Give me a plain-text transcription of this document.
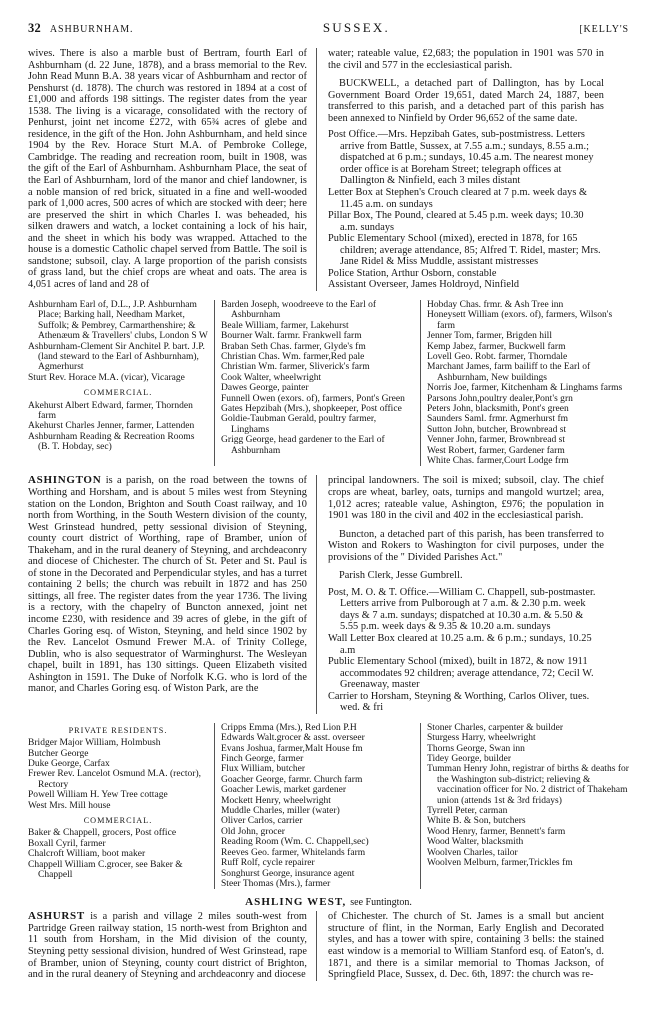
32 ASHBURNHAM.	SUSSEX.	[KELLY'S

wives. There is also a marble bust of Bertram, fourth Earl of Ashburnham (d. 22 June, 1878), and a brass memorial to the Rev. John Read Munn B.A. 38 years vicar of Ashburnham and rector of Penshurst (d. 1878). The church was restored in 1894 at a cost of £1,000 and affords 198 sittings. The register dates from the year 1538. The living is a vicarage, consolidated with the rectory of Penhurst, joint net income £272, with 65¾ acres of glebe and residence, in the gift of the Hon. John Ashburnham, and held since 1904 by the Rev. Horace Sturt M.A. of Pembroke College, Cambridge. The reading and recreation room, built in 1908, was the gift of the Earl of Ashburnham. Ashburnham Place, the seat of the Earl of Ashburnham, lord of the manor and chief landowner, is a noble mansion of red brick, situated in a fine and well-wooded park of 1,000 acres, 500 acres of which are stocked with deer; here are preserved the shirt in which Charles I. was beheaded, his silken drawers and watch, a locket containing a lock of his hair, and the sheet in which his body was wrapped. Attached to the house is a domestic Catholic chapel served from Battle. The soil is sandstone; subsoil, clay. A large proportion of the parish consists of grass land, but the chief crops are wheat and oats. The area is 4,051 acres of land and 28 of

water; rateable value, £2,683; the population in 1901 was 570 in the civil and 577 in the ecclesiastical parish.

BUCKWELL, a detached part of Dallington, has by Local Government Board Order 19,651, dated March 24, 1887, been transferred to this parish, and a detached part of this parish has been annexed to Ninfield by Order 96,652 of the same date.

Post Office.—Mrs. Hepzibah Gates, sub-postmistress. Letters arrive from Battle, Sussex, at 7.55 a.m.; sundays, 8.55 a.m.; dispatched at 6 p.m.; sundays, 10.45 a.m. The nearest money order office is at Boreham Street; telegraph offices at Dallington & Ninfield, each 3 miles distant

Letter Box at Stephen's Crouch cleared at 7 p.m. week days & 11.45 a.m. on sundays

Pillar Box, The Pound, cleared at 5.45 p.m. week days; 10.30 a.m. sundays

Public Elementary School (mixed), erected in 1878, for 165 children; average attendance, 85; Alfred T. Ridel, master; Mrs. Jane Ridel & Miss Muddle, assistant mistresses

Police Station, Arthur Osborn, constable

Assistant Overseer, James Holdroyd, Ninfield

Ashburnham Earl of, D.L., J.P. Ashburnham Place; Barking hall, Needham Market, Suffolk; & Pembrey, Carmarthenshire; & Athenæum & Travellers' clubs, London S W

Ashburnham-Clement Sir Anchitel P. bart. J.P. (land steward to the Earl of Ashburnham), Agmerhurst

Sturt Rev. Horace M.A. (vicar), Vicarage

COMMERCIAL.

Akehurst Albert Edward, farmer, Thornden farm

Akehurst Charles Jenner, farmer, Lattenden

Ashburnham Reading & Recreation Rooms (B. T. Hobday, sec)

Barden Joseph, woodreeve to the Earl of Ashburnham

Beale William, farmer, Lakehurst

Bourner Walt. farmr. Frankwell farm

Braban Seth Chas. farmer, Glyde's fm

Christian Chas. Wm. farmer,Red pale

Christian Wm. farmer, Sliverick's farm

Cook Walter, wheelwright

Dawes George, painter

Funnell Owen (exors. of), farmers, Pont's Green

Gates Hepzibah (Mrs.), shopkeeper, Post office

Goldie-Taubman Gerald, poultry farmer, Linghams

Grigg George, head gardener to the Earl of Ashburnham

Hobday Chas. frmr. & Ash Tree inn

Honeysett William (exors. of), farmers, Wilson's farm

Jenner Tom, farmer, Brigden hill

Kemp Jabez, farmer, Buckwell farm

Lovell Geo. Robt. farmer, Thorndale

Marchant James, farm bailiff to the Earl of Ashburnham, New buildings

Norris Joe, farmer, Kitchenham & Linghams farms

Parsons John,poultry dealer,Pont's grn

Peters John, blacksmith, Pont's green

Saunders Saml. frmr. Agmerhurst fm

Sutton John, butcher, Brownbread st

Venner John, farmer, Brownbread st

West Robert, farmer, Gardener farm

White Chas. farmer,Court Lodge frm

ASHINGTON is a parish, on the road between the towns of Worthing and Horsham, and is about 5 miles west from Steyning station on the London, Brighton and South Coast railway, and 10 north from Worthing, in the South Western division of the county, West Grinstead hundred, petty sessional division of Steyning, county court district of Worthing, rape of Bramber, union of Thakeham, and in the rural deanery of Steyning, and archdeaconry and diocese of Chichester. The church of St. Peter and St. Paul is of stone in the Decorated and Perpendicular styles, and has a turret containing 2 bells; the church was rebuilt in 1872 and has 250 sittings, all free. The register dates from the year 1736. The living is a rectory, with the chapelry of Buncton annexed, joint net income £230, with residence and 39 acres of glebe, in the gift of Charles Goring esq. of Wiston, Steyning, and held since 1902 by the Rev. Lancelot Osmund Frewer M.A. of Trinity College, Dublin, who is also sequestrator of Warminghurst. The Wesleyan chapel, built in 1891, has 130 sittings. Queen Elizabeth visited Ashington in 1591. The Duke of Norfolk K.G. who is lord of the manor, and Charles Goring esq. of Wiston Park, are the

principal landowners. The soil is mixed; subsoil, clay. The chief crops are wheat, barley, oats, turnips and mangold wurtzel; area, 1,012 acres; rateable value, Ashington, £976; the population in 1901 was 180 in the civil and 402 in the ecclesiastical parish.

Buncton, a detached part of this parish, has been transferred to Wiston and Rokers to Washington for civil purposes, under the provisions of the " Divided Parishes Act."

Parish Clerk, Jesse Gumbrell.

Post, M. O. & T. Office.—William C. Chappell, sub-postmaster. Letters arrive from Pulborough at 7 a.m. & 2.30 p.m. week days & 7 a.m. sundays; dispatched at 10.30 a.m. & 5.50 & 5.55 p.m. week days & 9.35 & 10.20 a.m. sundays

Wall Letter Box cleared at 10.25 a.m. & 6 p.m.; sundays, 10.25 a.m

Public Elementary School (mixed), built in 1872, & now 1911 accommodates 92 children; average attendance, 72; Cecil W. Greenaway, master

Carrier to Horsham, Steyning & Worthing, Carlos Oliver, tues. wed. & fri

PRIVATE RESIDENTS.

Bridger Major William, Holmbush

Butcher George

Duke George, Carfax

Frewer Rev. Lancelot Osmund M.A. (rector), Rectory

Powell William H. Yew Tree cottage

West Mrs. Mill house

COMMERCIAL.

Baker & Chappell, grocers, Post office

Boxall Cyril, farmer

Chalcroft William, boot maker

Chappell William C.grocer, see Baker & Chappell

Cripps Emma (Mrs.), Red Lion P.H

Edwards Walt.grocer & asst. overseer

Evans Joshua, farmer,Malt House fm

Finch George, farmer

Flux William, butcher

Goacher George, farmr. Church farm

Goacher Lewis, market gardener

Mockett Henry, wheelwright

Muddle Charles, miller (water)

Oliver Carlos, carrier

Old John, grocer

Reading Room (Wm. C. Chappell,sec)

Reeves Geo. farmer, Whitelands farm

Ruff Rolf, cycle repairer

Songhurst George, insurance agent

Steer Thomas (Mrs.), farmer

Stoner Charles, carpenter & builder

Sturgess Harry, wheelwright

Thorns George, Swan inn

Tidey George, builder

Tumman Henry John, registrar of births & deaths for the Washington sub-district; relieving & vaccination officer for No. 2 district of Thakeham union (attends 1st & 3rd fridays)

Tyrrell Peter, carman

White B. & Son, butchers

Wood Henry, farmer, Bennett's farm

Wood Walter, blacksmith

Woolven Charles, tailor

Woolven Melburn, farmer,Trickles fm

ASHLING WEST, see Funtington.

ASHURST is a parish and village 2 miles south-west from Partridge Green railway station, 15 north-west from Brighton and 11 south from Horsham, in the Mid division of the county, Steyning petty sessional division, hundred of West Grinstead, rape of Bramber, union of Steyning, county court district of Brighton, and in the rural deanery of Steyning and archdeaconry and diocese

of Chichester. The church of St. James is a small but ancient structure of flint, in the Norman, Early English and Decorated styles, and has a tower with spire, containing 3 bells: the stained east window is a memorial to William Stanford esq. of Eaton's, d. 1871, and there is a similar memorial to Thomas Jackson, of Springfield Place, Sussex, d. Dec. 6th, 1897: the church was re-
